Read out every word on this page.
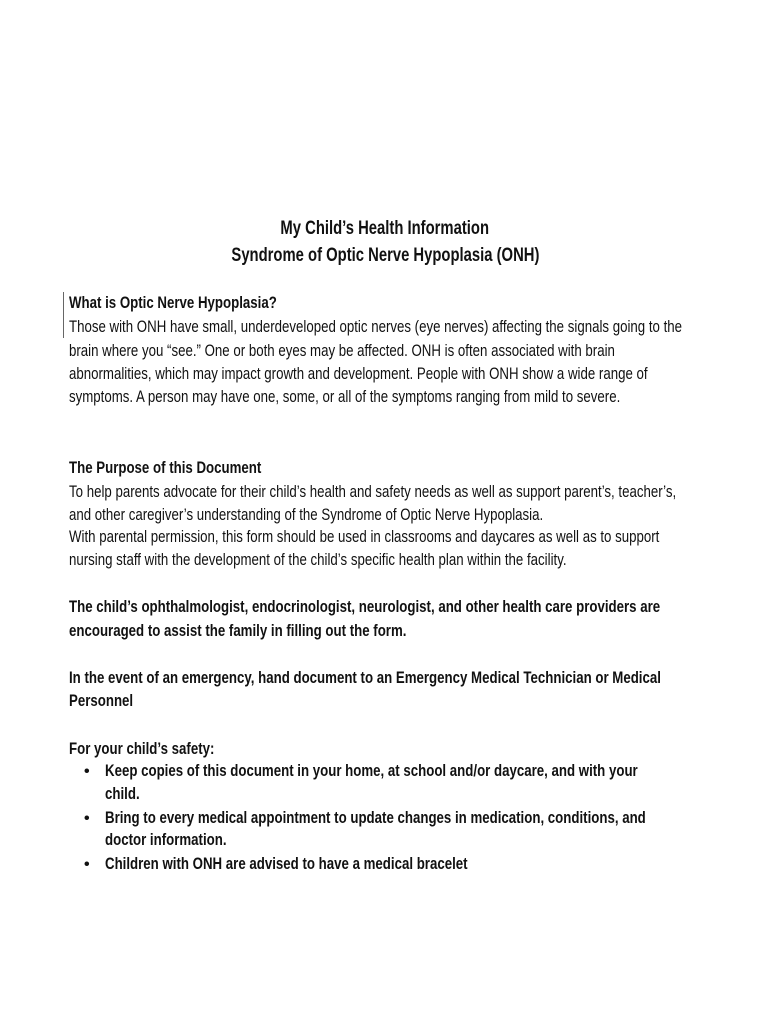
My Child’s Health Information
Syndrome of Optic Nerve Hypoplasia (ONH)
What is Optic Nerve Hypoplasia?
Those with ONH have small, underdeveloped optic nerves (eye nerves) affecting the signals going to the
brain where you “see.” One or both eyes may be affected. ONH is often associated with brain
abnormalities, which may impact growth and development. People with ONH show a wide range of
symptoms. A person may have one, some, or all of the symptoms ranging from mild to severe.
The Purpose of this Document
To help parents advocate for their child’s health and safety needs as well as support parent’s, teacher’s,
and other caregiver’s understanding of the Syndrome of Optic Nerve Hypoplasia.
With parental permission, this form should be used in classrooms and daycares as well as to support
nursing staff with the development of the child’s specific health plan within the facility.
The child’s ophthalmologist, endocrinologist, neurologist, and other health care providers are
encouraged to assist the family in filling out the form.
In the event of an emergency, hand document to an Emergency Medical Technician or Medical
Personnel
For your child’s safety:
• Keep copies of this document in your home, at school and/or daycare, and with your
child.
• Bring to every medical appointment to update changes in medication, conditions, and
doctor information.
• Children with ONH are advised to have a medical bracelet
